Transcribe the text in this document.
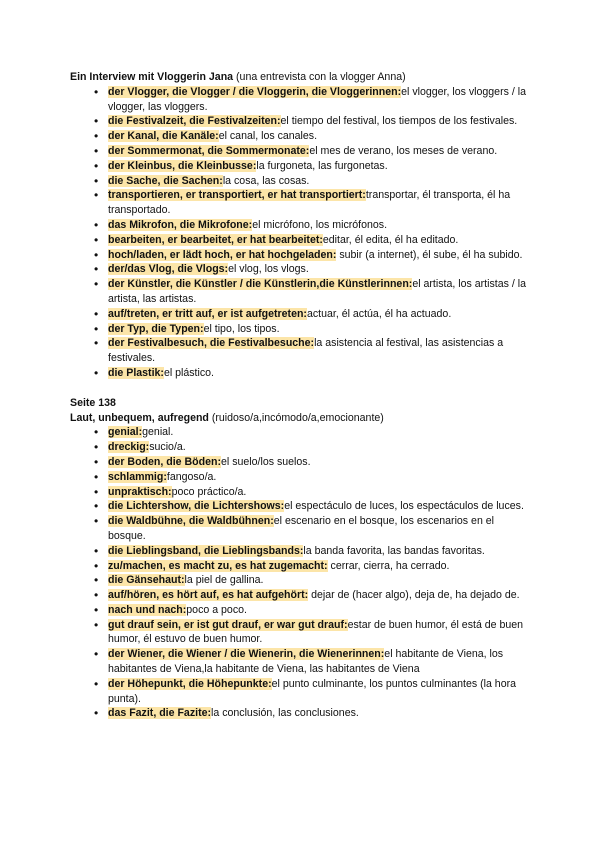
Ein Interview mit Vloggerin Jana (una entrevista con la vlogger Anna)

• der Vlogger, die Vlogger / die Vloggerin, die Vloggerinnen:el vlogger, los vloggers / la vlogger, las vloggers.
• die Festivalzeit, die Festivalzeiten:el tiempo del festival, los tiempos de los festivales.
• der Kanal, die Kanäle:el canal, los canales.
• der Sommermonat, die Sommermonate:el mes de verano, los meses de verano.
• der Kleinbus, die Kleinbusse:la furgoneta, las furgonetas.
• die Sache, die Sachen:la cosa, las cosas.
• transportieren, er transportiert, er hat transportiert:transportar, él transporta, él ha transportado.
• das Mikrofon, die Mikrofone:el micrófono, los micrófonos.
• bearbeiten, er bearbeitet, er hat bearbeitet:editar, él edita, él ha editado.
• hoch/laden, er lädt hoch, er hat hochgeladen: subir (a internet), él sube, él ha subido.
• der/das Vlog, die Vlogs:el vlog, los vlogs.
• der Künstler, die Künstler / die Künstlerin,die Künstlerinnen:el artista, los artistas / la artista, las artistas.
• auf/treten, er tritt auf, er ist aufgetreten:actuar, él actúa, él ha actuado.
• der Typ, die Typen:el tipo, los tipos.
• der Festivalbesuch, die Festivalbesuche:la asistencia al festival, las asistencias a festivales.
• die Plastik:el plástico.

Seite 138

Laut, unbequem, aufregend (ruidoso/a,incómodo/a,emocionante)

• genial:genial.
• dreckig:sucio/a.
• der Boden, die Böden:el suelo/los suelos.
• schlammig:fangoso/a.
• unpraktisch:poco práctico/a.
• die Lichtershow, die Lichtershows:el espectáculo de luces, los espectáculos de luces.
• die Waldbühne, die Waldbühnen:el escenario en el bosque, los escenarios en el bosque.
• die Lieblingsband, die Lieblingsbands:la banda favorita, las bandas favoritas.
• zu/machen, es macht zu, es hat zugemacht: cerrar, cierra, ha cerrado.
• die Gänsehaut:la piel de gallina.
• auf/hören, es hört auf, es hat aufgehört: dejar de (hacer algo), deja de, ha dejado de.
• nach und nach:poco a poco.
• gut drauf sein, er ist gut drauf, er war gut drauf:estar de buen humor, él está de buen humor, él estuvo de buen humor.
• der Wiener, die Wiener / die Wienerin, die Wienerinnen:el habitante de Viena, los habitantes de Viena,la habitante de Viena, las habitantes de Viena
• der Höhepunkt, die Höhepunkte:el punto culminante, los puntos culminantes (la hora punta).
• das Fazit, die Fazite:la conclusión, las conclusiones.
